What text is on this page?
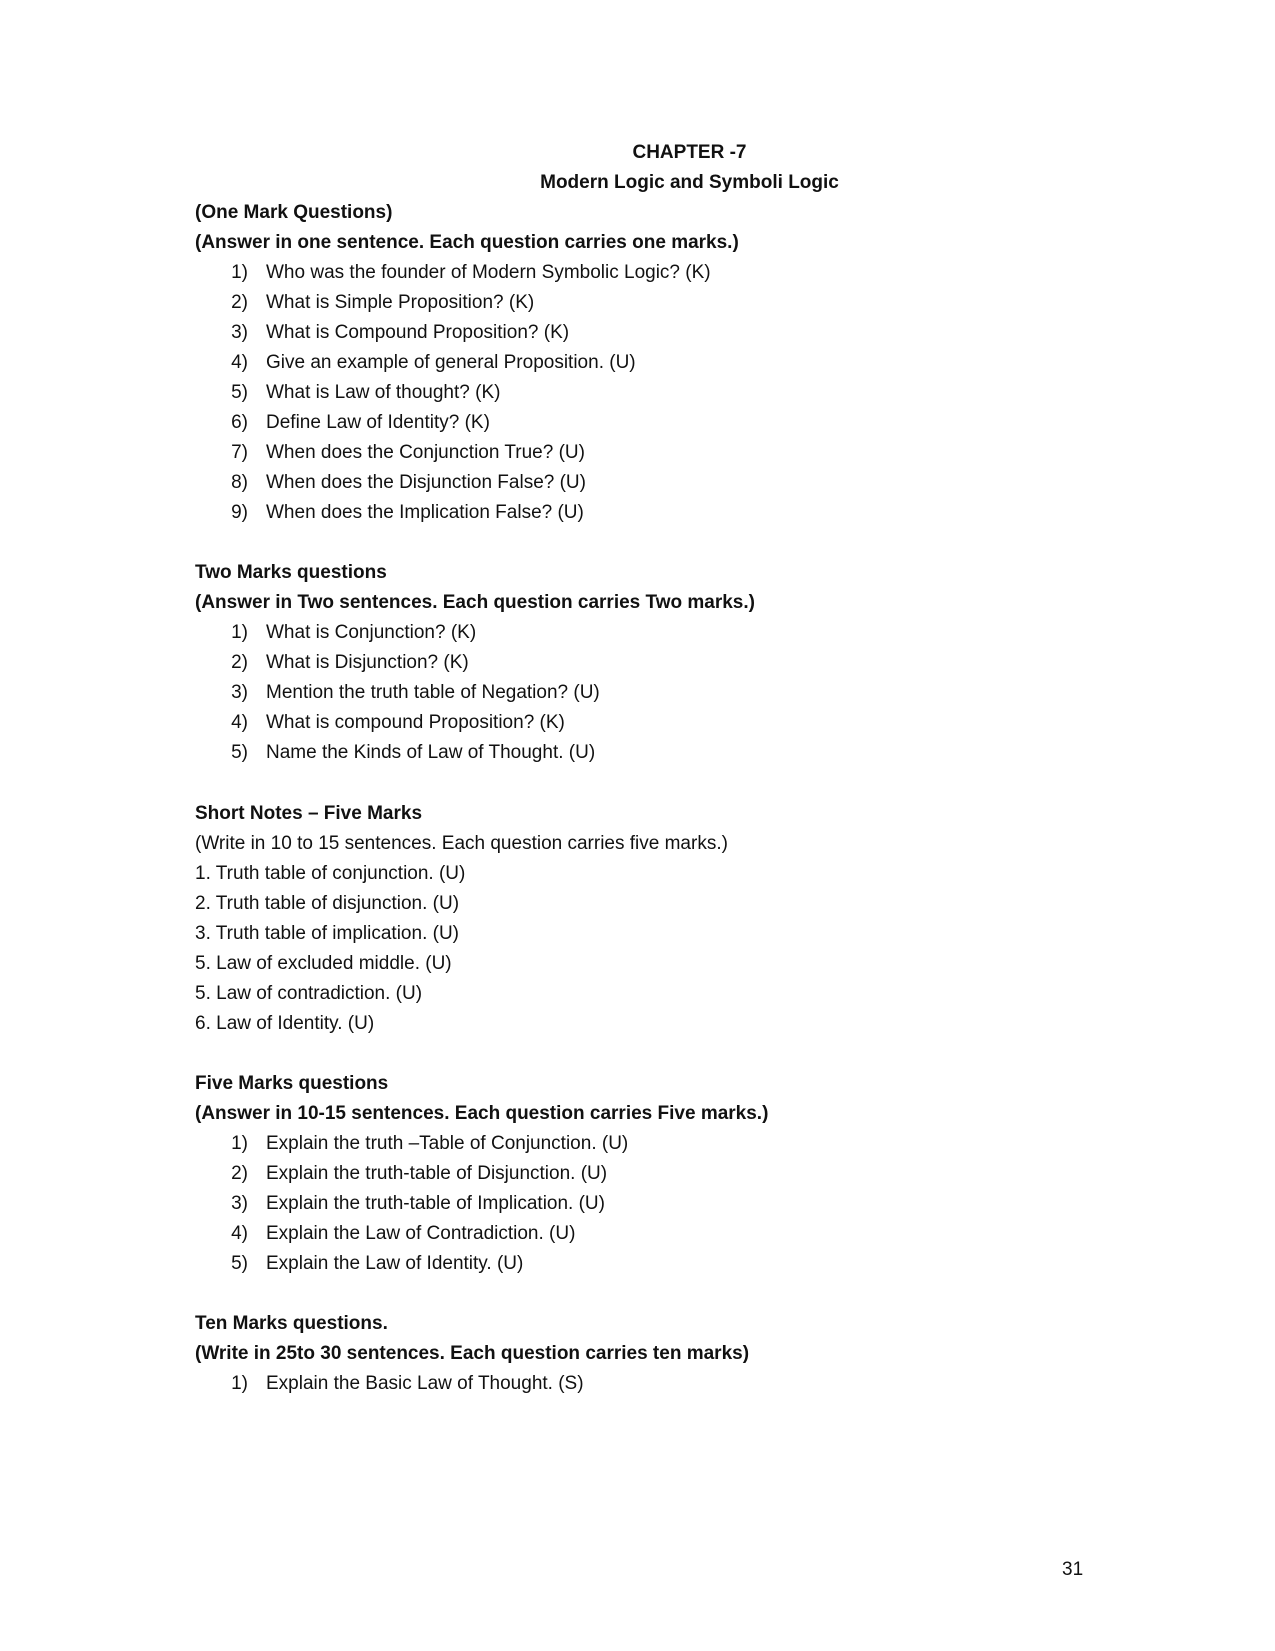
CHAPTER -7
Modern Logic and Symboli Logic
(One Mark Questions)
(Answer in one sentence. Each question carries one marks.)
1) Who was the founder of Modern Symbolic Logic? (K)
2) What is Simple Proposition? (K)
3) What is Compound Proposition? (K)
4) Give an example of general Proposition. (U)
5) What is Law of thought? (K)
6) Define Law of Identity? (K)
7) When does the Conjunction True? (U)
8) When does the Disjunction False? (U)
9) When does the Implication False? (U)
Two Marks questions
(Answer in Two sentences. Each question carries Two marks.)
1) What is Conjunction? (K)
2) What is Disjunction? (K)
3) Mention the truth table of Negation? (U)
4) What is compound Proposition? (K)
5) Name the Kinds of Law of Thought. (U)
Short Notes – Five Marks
(Write in 10 to 15 sentences. Each question carries five marks.)
1. Truth table of conjunction. (U)
2. Truth table of disjunction. (U)
3. Truth table of implication. (U)
5. Law of excluded middle. (U)
5. Law of contradiction. (U)
6. Law of Identity. (U)
Five Marks questions
(Answer in 10-15 sentences. Each question carries Five marks.)
1) Explain the truth –Table of Conjunction. (U)
2) Explain the truth-table of Disjunction. (U)
3) Explain the truth-table of Implication. (U)
4) Explain the Law of Contradiction. (U)
5) Explain the Law of Identity. (U)
Ten Marks questions.
(Write in 25to 30 sentences. Each question carries ten marks)
1) Explain the Basic Law of Thought. (S)
31
